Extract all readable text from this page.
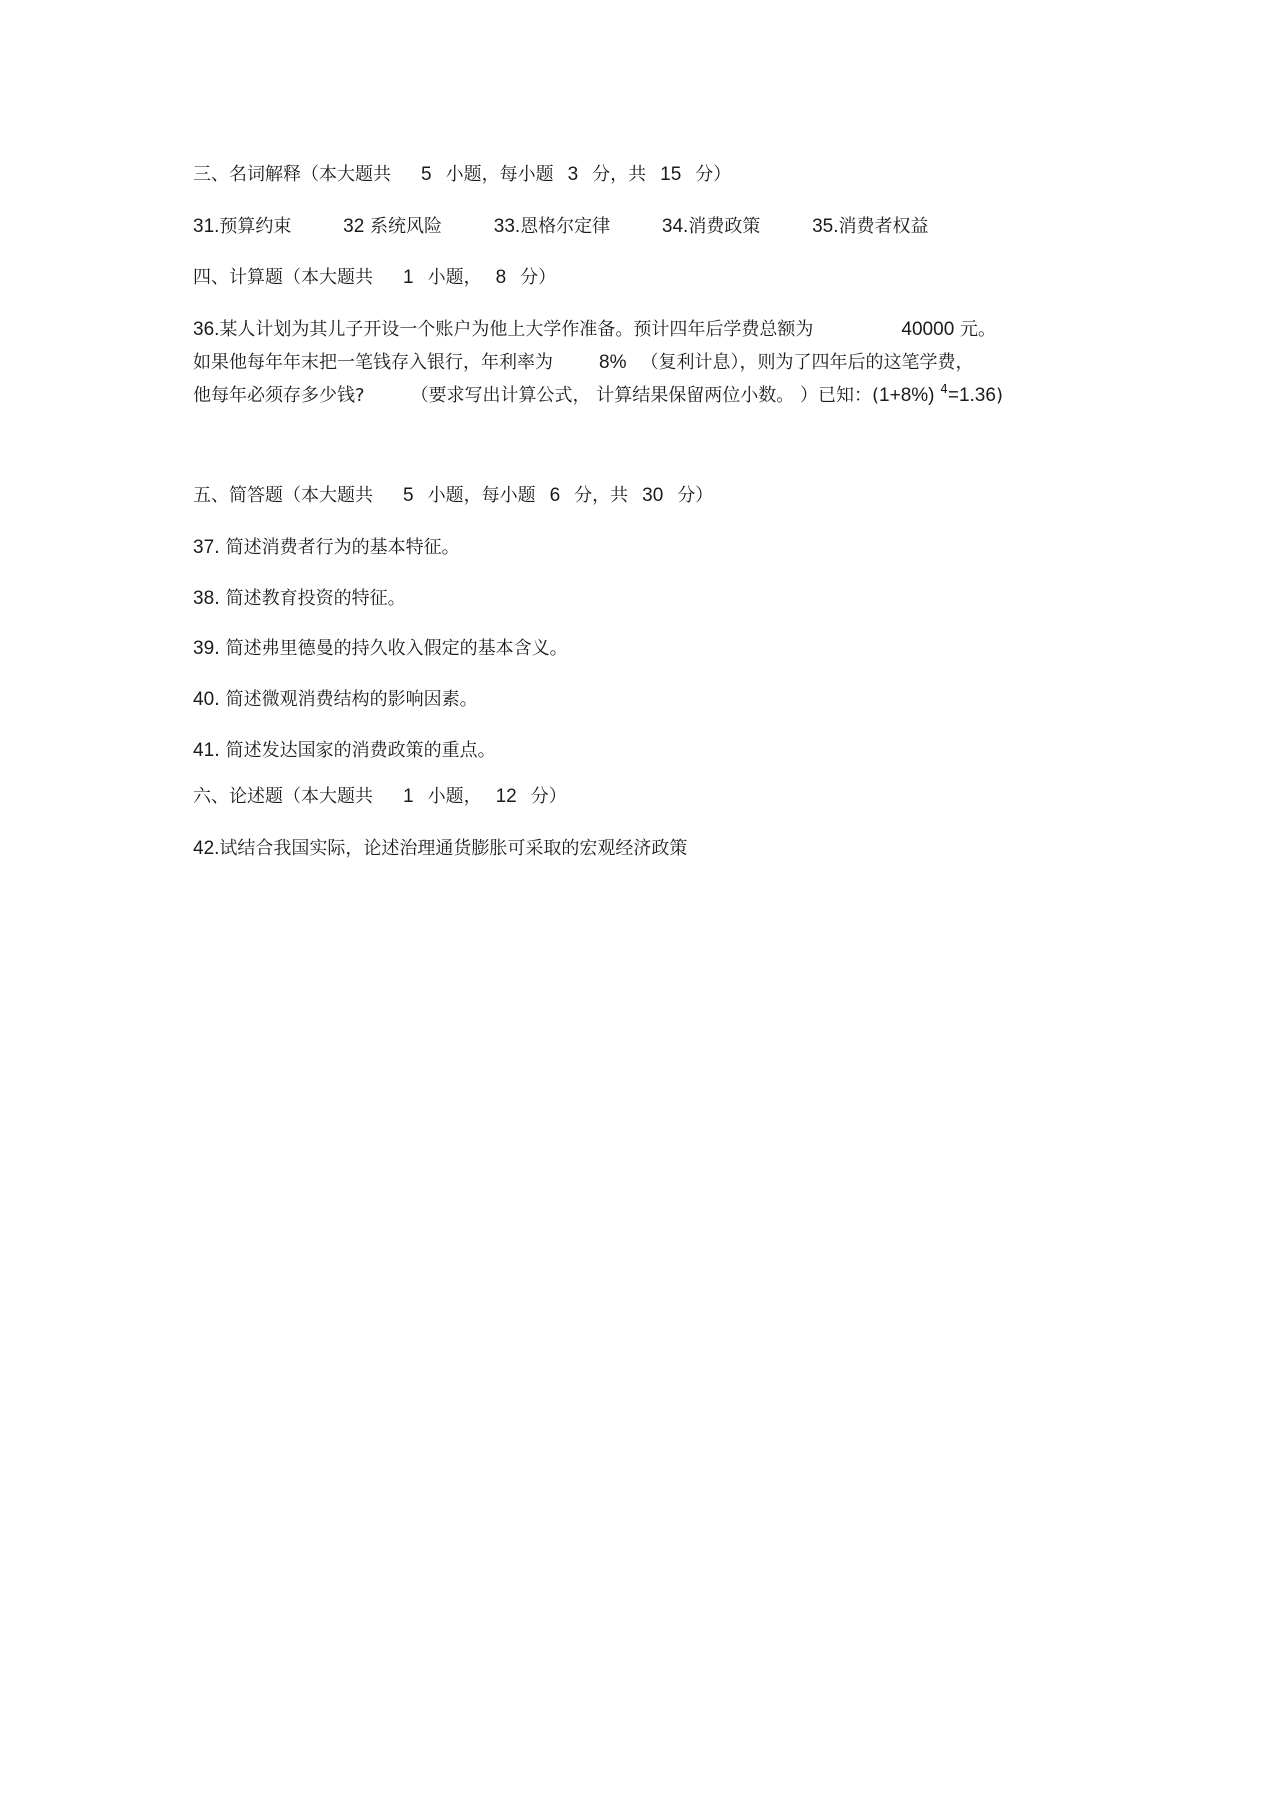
三、名词解释（本大题共 5 小题，每小题 3 分，共 15 分）
31.预算约束	32 系统风险	33.恩格尔定律	34.消费政策	35.消费者权益
四、计算题（本大题共 1 小题， 8 分）
36.某人计划为其儿子开设一个账户为他上大学作准备。预计四年后学费总额为	40000 元。
如果他每年年末把一笔钱存入银行，年利率为 8% （复利计息），则为了四年后的这笔学费，
他每年必须存多少钱?	（要求写出计算公式， 计算结果保留两位小数。 ）已知：(1+8%) $^4$=1.36)
五、简答题（本大题共 5 小题，每小题 6 分，共 30 分）
37. 简述消费者行为的基本特征。
38. 简述教育投资的特征。
39. 简述弗里德曼的持久收入假定的基本含义。
40. 简述微观消费结构的影响因素。
41. 简述发达国家的消费政策的重点。
六、论述题（本大题共 1 小题， 12 分）
42.试结合我国实际，论述治理通货膨胀可采取的宏观经济政策
